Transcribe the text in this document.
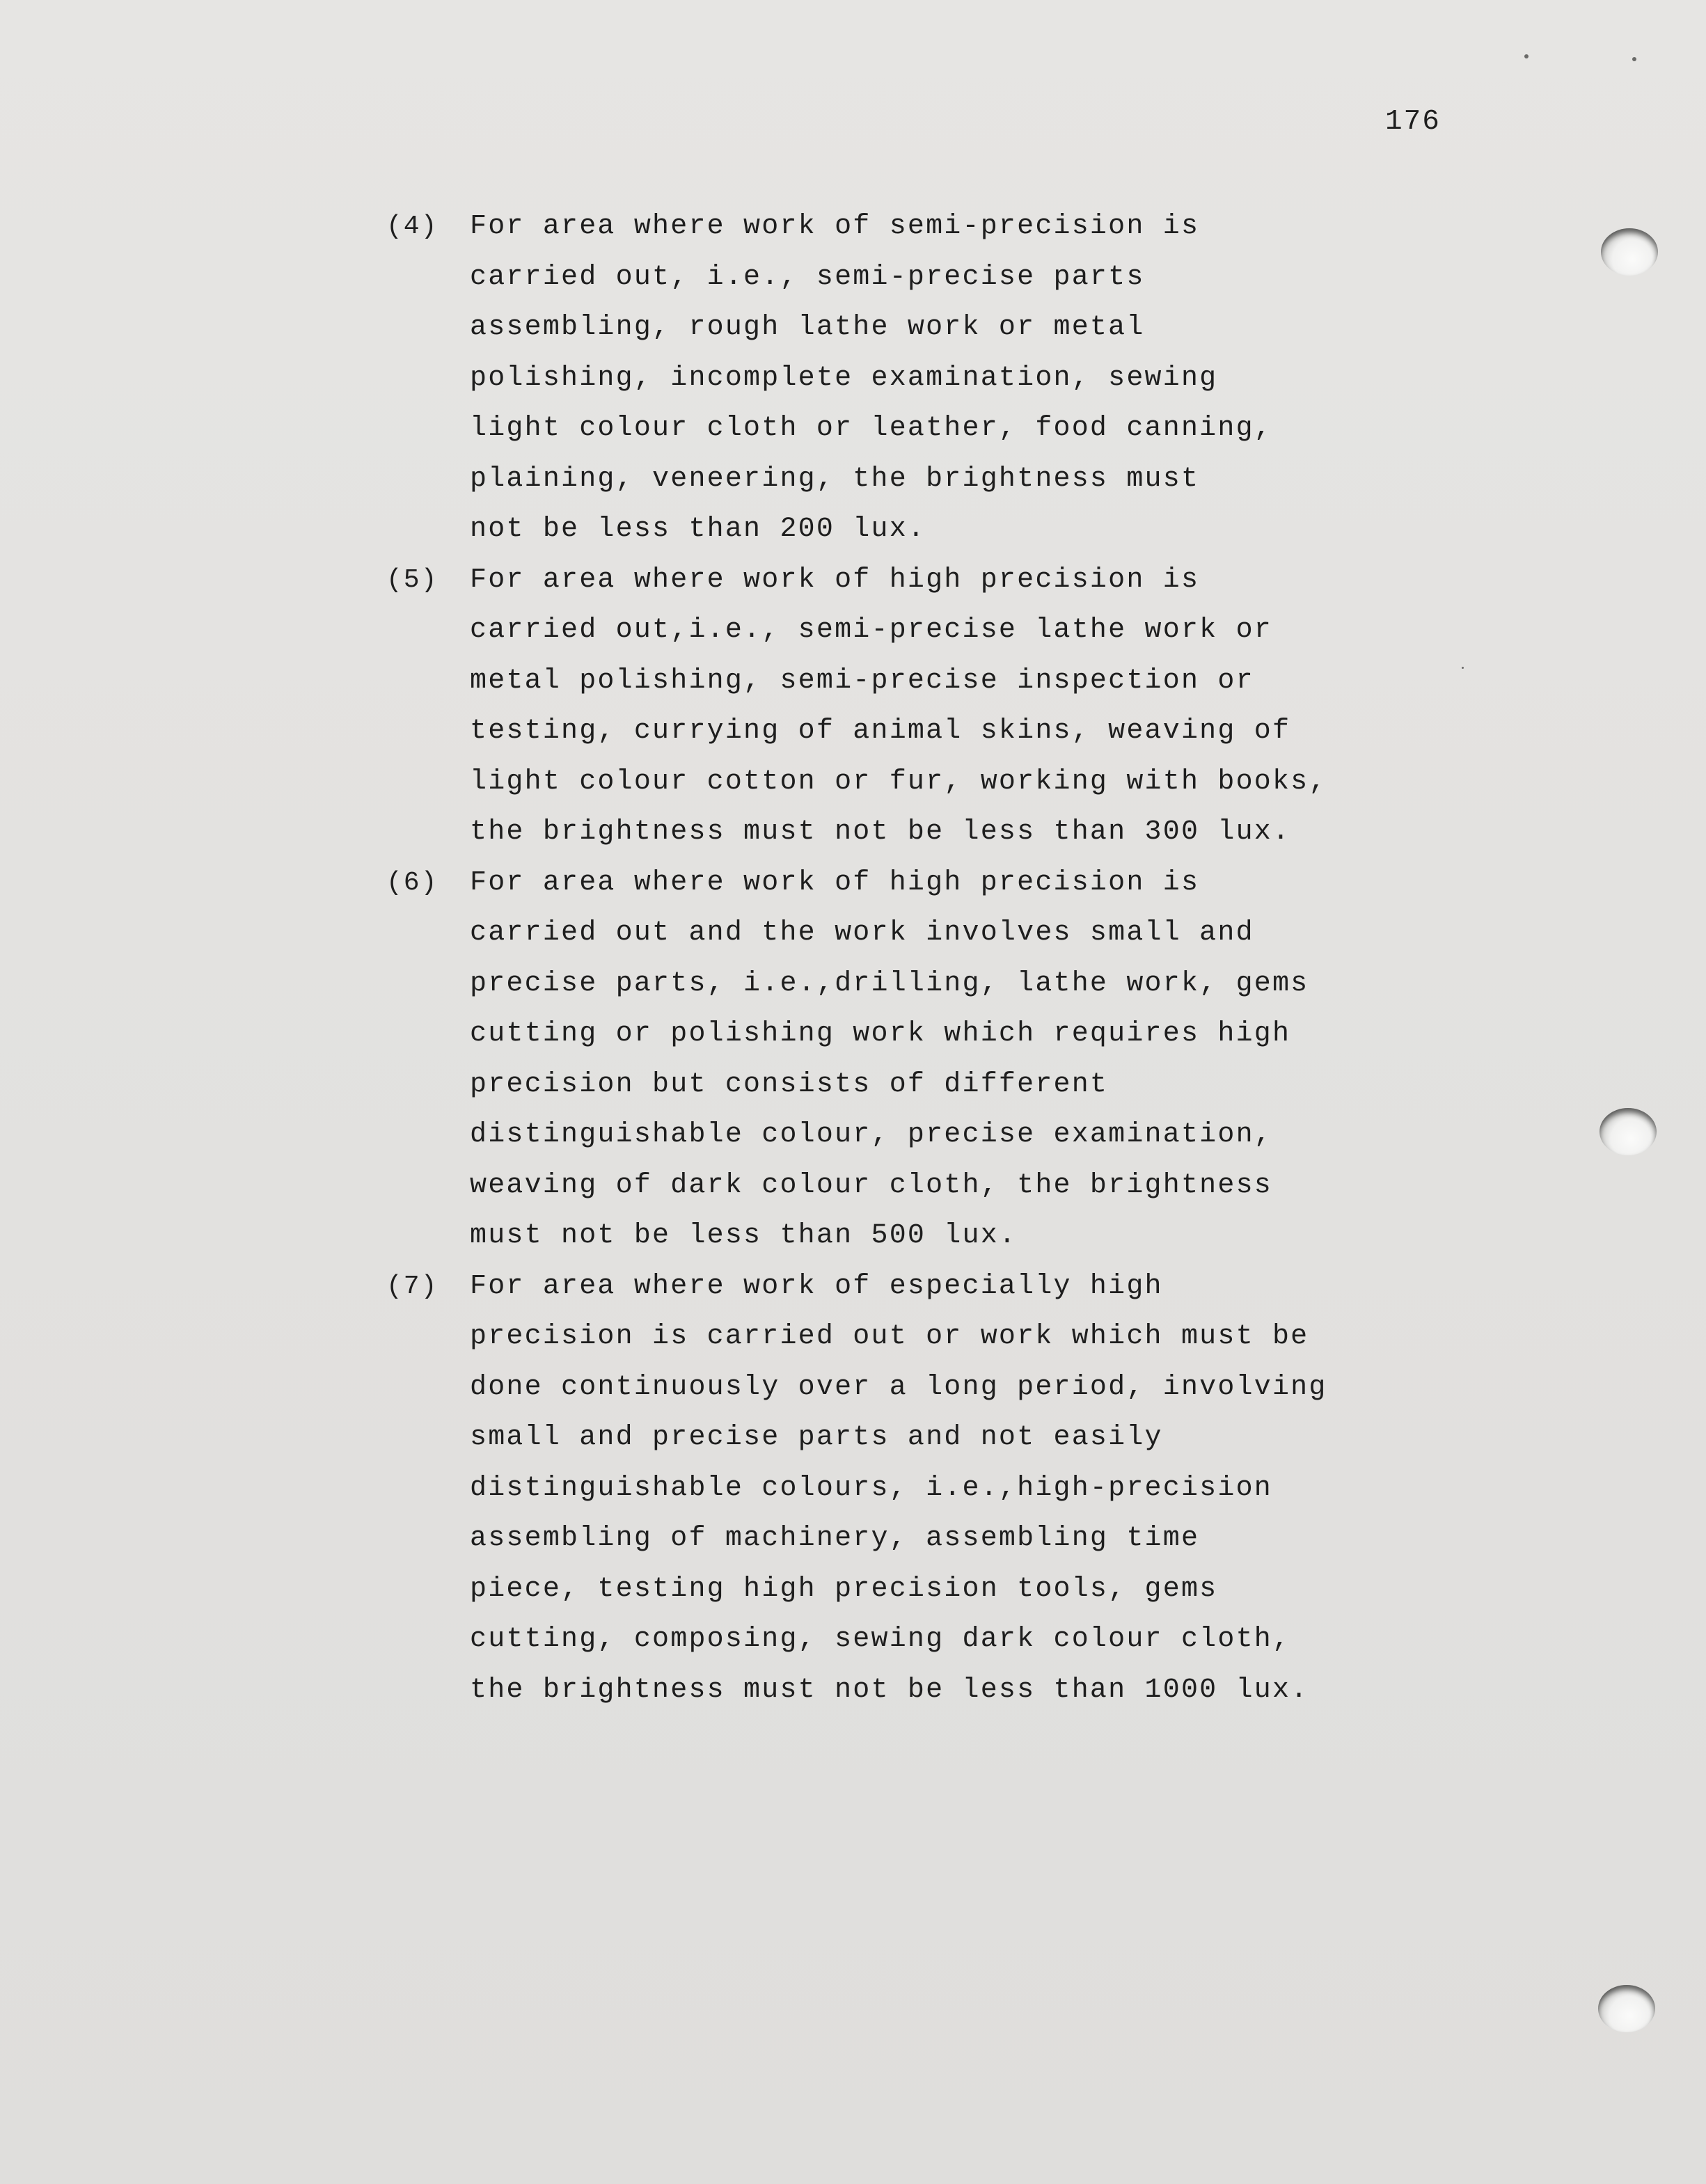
176
(4) For area where work of semi-precision is
carried out, i.e., semi-precise parts
assembling, rough lathe work or metal
polishing, incomplete examination, sewing
light colour cloth or leather, food canning,
plaining, veneering, the brightness must
not be less than 200 lux.

(5) For area where work of high precision is
carried out,i.e., semi-precise lathe work or
metal polishing, semi-precise inspection or
testing, currying of animal skins, weaving of
light colour cotton or fur, working with books,
the brightness must not be less than 300 lux.

(6) For area where work of high precision is
carried out and the work involves small and
precise parts, i.e.,drilling, lathe work, gems
cutting or polishing work which requires high
precision but consists of different
distinguishable colour, precise examination,
weaving of dark colour cloth, the brightness
must not be less than 500 lux.

(7) For area where work of especially high
precision is carried out or work which must be
done continuously over a long period, involving
small and precise parts and not easily
distinguishable colours, i.e.,high-precision
assembling of machinery, assembling time
piece, testing high precision tools, gems
cutting, composing, sewing dark colour cloth,
the brightness must not be less than 1000 lux.
